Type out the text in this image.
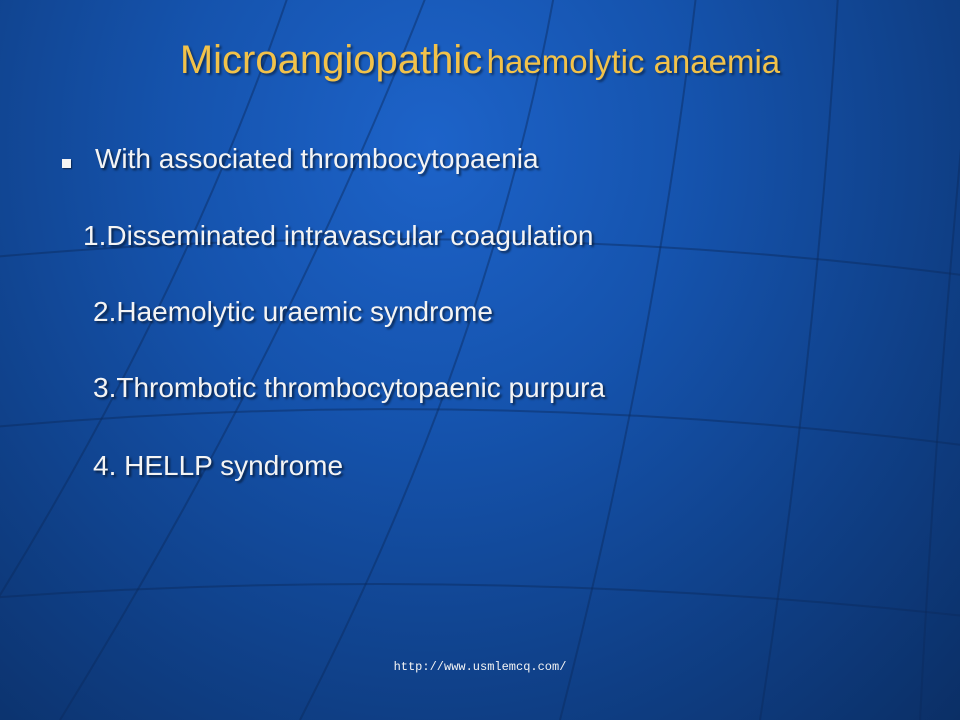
Microangiopathic haemolytic anaemia
With associated thrombocytopaenia
1.Disseminated intravascular coagulation
2.Haemolytic uraemic syndrome
3.Thrombotic thrombocytopaenic purpura
4. HELLP syndrome
http://www.usmlemcq.com/
